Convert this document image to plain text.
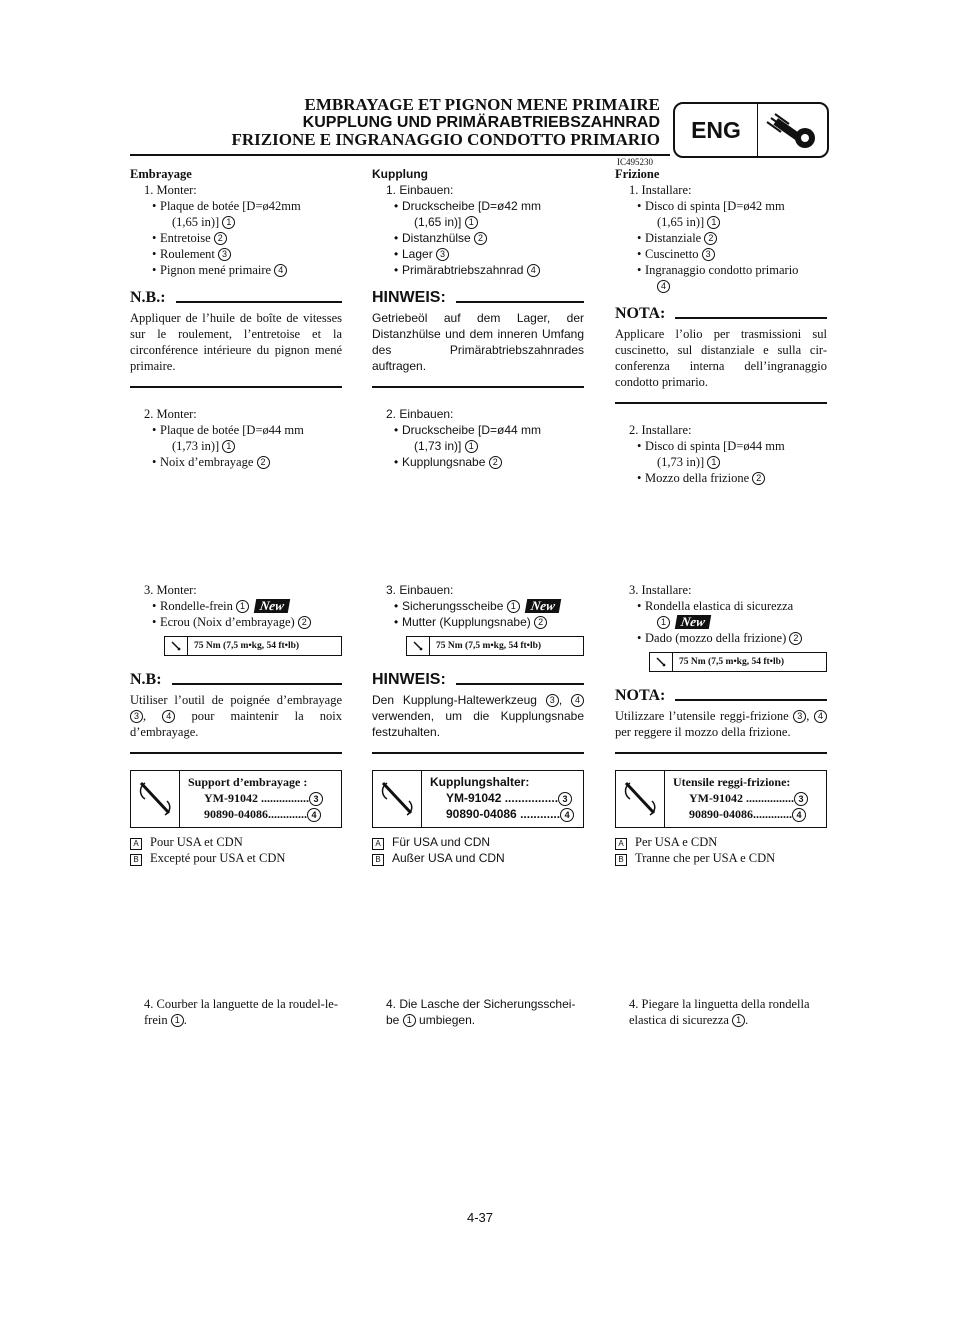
EMBRAYAGE ET PIGNON MENE PRIMAIRE
KUPPLUNG UND PRIMÄRABTRIEBSZAHNRAD
FRIZIONE E INGRANAGGIO CONDOTTO PRIMARIO
IC495230
ENG
Embrayage
1. Monter:
• Plaque de botée [D=ø42mm
(1,65 in)] 1
• Entretoise 2
• Roulement 3
• Pignon mené primaire 4
N.B.:
Appliquer de l’huile de boîte de vitesses sur le roulement, l’entretoise et la circonférence intérieure du pignon mené primaire.
2. Monter:
• Plaque de botée [D=ø44 mm
(1,73 in)] 1
• Noix d’embrayage 2
3. Monter:
• Rondelle-frein 1 New
• Ecrou (Noix d’embrayage) 2
75 Nm (7,5 m•kg, 54 ft•lb)
N.B:
Utiliser l’outil de poignée d’embrayage 3 , 4 pour maintenir la noix d’embrayage.
Support d’embrayage :
YM-91042 ................ 3
90890-04086............. 4
A Pour USA et CDN
B Excepté pour USA et CDN
4. Courber la languette de la roudel-le-frein 1 .
Kupplung
1. Einbauen:
• Druckscheibe [D=ø42 mm
(1,65 in)] 1
• Distanzhülse 2
• Lager 3
• Primärabtriebszahnrad 4
HINWEIS:
Getriebeöl auf dem Lager, der Distanzhülse und dem inneren Umfang des Primärabtriebszahnrades auftragen.
2. Einbauen:
• Druckscheibe [D=ø44 mm
(1,73 in)] 1
• Kupplungsnabe 2
3. Einbauen:
• Sicherungsscheibe 1 New
• Mutter (Kupplungsnabe) 2
75 Nm (7,5 m•kg, 54 ft•lb)
HINWEIS:
Den Kupplung-Haltewerkzeug 3 , 4 verwenden, um die Kupplungsnabe festzuhalten.
Kupplungshalter:
YM-91042 ................ 3
90890-04086 ............ 4
A Für USA und CDN
B Außer USA und CDN
4. Die Lasche der Sicherungsschei-be 1 umbiegen.
Frizione
1. Installare:
• Disco di spinta [D=ø42 mm
(1,65 in)] 1
• Distanziale 2
• Cuscinetto 3
• Ingranaggio condotto primario
4
NOTA:
Applicare l’olio per trasmissioni sul cuscinetto, sul distanziale e sulla cir-conferenza interna dell’ingranaggio condotto primario.
2. Installare:
• Disco di spinta [D=ø44 mm
(1,73 in)] 1
• Mozzo della frizione 2
3. Installare:
• Rondella elastica di sicurezza
1 New
• Dado (mozzo della frizione) 2
75 Nm (7,5 m•kg, 54 ft•lb)
NOTA:
Utilizzare l’utensile reggi-frizione 3 , 4 per reggere il mozzo della frizione.
Utensile reggi-frizione:
YM-91042 ................ 3
90890-04086............. 4
A Per USA e CDN
B Tranne che per USA e CDN
4. Piegare la linguetta della rondella elastica di sicurezza 1 .
4-37
